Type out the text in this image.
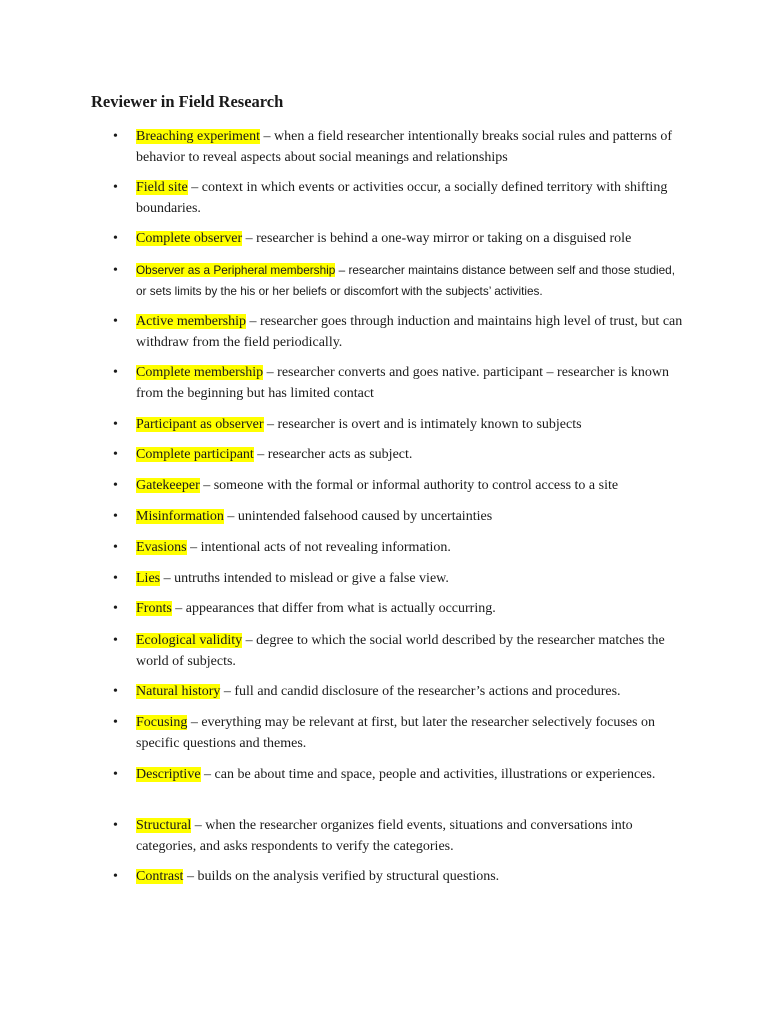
Reviewer in Field Research
• Breaching experiment – when a field researcher intentionally breaks social rules and patterns of behavior to reveal aspects about social meanings and relationships
• Field site – context in which events or activities occur, a socially defined territory with shifting boundaries.
• Complete observer – researcher is behind a one-way mirror or taking on a disguised role
• Observer as a Peripheral membership – researcher maintains distance between self and those studied, or sets limits by the his or her beliefs or discomfort with the subjects’ activities.
• Active membership – researcher goes through induction and maintains high level of trust, but can withdraw from the field periodically.
• Complete membership – researcher converts and goes native. participant – researcher is known from the beginning but has limited contact
• Participant as observer – researcher is overt and is intimately known to subjects
• Complete participant – researcher acts as subject.
• Gatekeeper – someone with the formal or informal authority to control access to a site
• Misinformation – unintended falsehood caused by uncertainties
• Evasions – intentional acts of not revealing information.
• Lies – untruths intended to mislead or give a false view.
• Fronts – appearances that differ from what is actually occurring.
• Ecological validity – degree to which the social world described by the researcher matches the world of subjects.
• Natural history – full and candid disclosure of the researcher’s actions and procedures.
• Focusing – everything may be relevant at first, but later the researcher selectively focuses on specific questions and themes.
• Descriptive – can be about time and space, people and activities, illustrations or experiences.
• Structural – when the researcher organizes field events, situations and conversations into categories, and asks respondents to verify the categories.
• Contrast – builds on the analysis verified by structural questions.
